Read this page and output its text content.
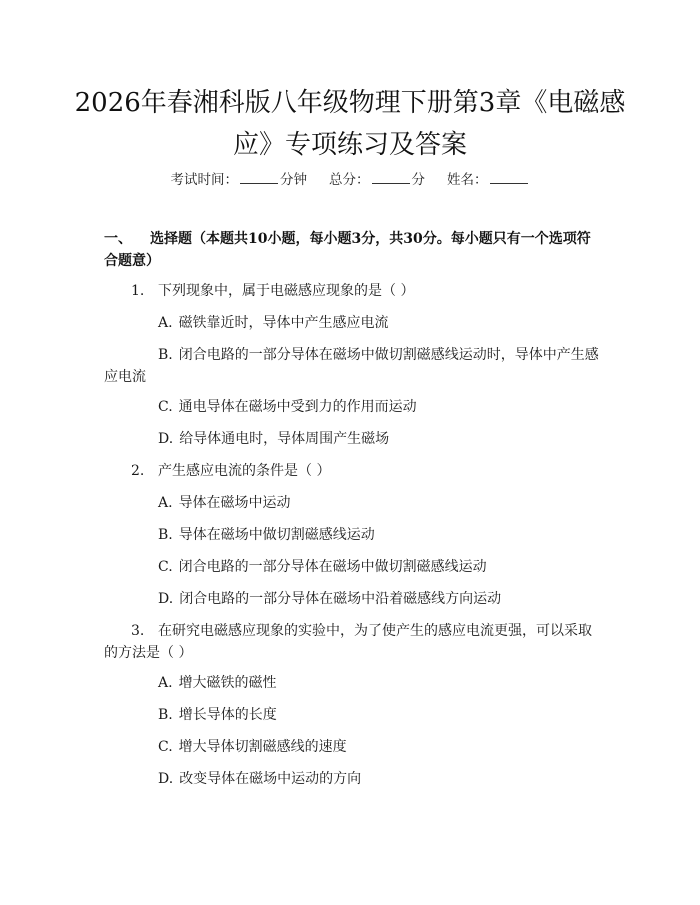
2026年春湘科版八年级物理下册第3章《电磁感应》专项练习及答案
考试时间：	分钟 总分：	分 姓名：
一、 选择题（本题共10小题，每小题3分，共30分。每小题只有一个选项符合题意）
1. 下列现象中，属于电磁感应现象的是（ ）
A. 磁铁靠近时，导体中产生感应电流
B. 闭合电路的一部分导体在磁场中做切割磁感线运动时，导体中产生感应电流
C. 通电导体在磁场中受到力的作用而运动
D. 给导体通电时，导体周围产生磁场
2. 产生感应电流的条件是（ ）
A. 导体在磁场中运动
B. 导体在磁场中做切割磁感线运动
C. 闭合电路的一部分导体在磁场中做切割磁感线运动
D. 闭合电路的一部分导体在磁场中沿着磁感线方向运动
3. 在研究电磁感应现象的实验中，为了使产生的感应电流更强，可以采取的方法是（ ）
A. 增大磁铁的磁性
B. 增长导体的长度
C. 增大导体切割磁感线的速度
D. 改变导体在磁场中运动的方向
